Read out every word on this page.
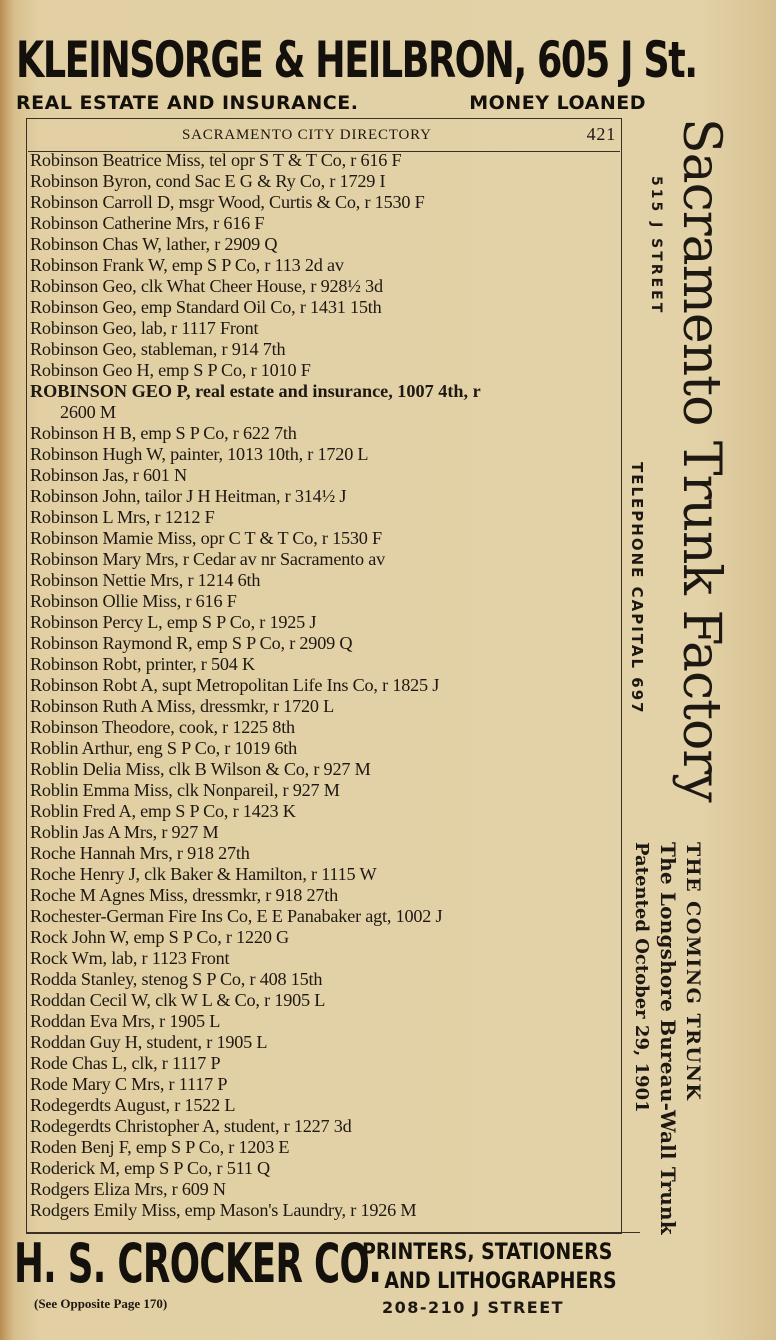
KLEINSORGE & HEILBRON, 605 J St.
REAL ESTATE AND INSURANCE.	MONEY LOANED
SACRAMENTO CITY DIRECTORY	421
Robinson Beatrice Miss, tel opr S T & T Co, r 616 F
Robinson Byron, cond Sac E G & Ry Co, r 1729 I
Robinson Carroll D, msgr Wood, Curtis & Co, r 1530 F
Robinson Catherine Mrs, r 616 F
Robinson Chas W, lather, r 2909 Q
Robinson Frank W, emp S P Co, r 113 2d av
Robinson Geo, clk What Cheer House, r 928½ 3d
Robinson Geo, emp Standard Oil Co, r 1431 15th
Robinson Geo, lab, r 1117 Front
Robinson Geo, stableman, r 914 7th
Robinson Geo H, emp S P Co, r 1010 F
ROBINSON GEO P, real estate and insurance, 1007 4th, r
2600 M
Robinson H B, emp S P Co, r 622 7th
Robinson Hugh W, painter, 1013 10th, r 1720 L
Robinson Jas, r 601 N
Robinson John, tailor J H Heitman, r 314½ J
Robinson L Mrs, r 1212 F
Robinson Mamie Miss, opr C T & T Co, r 1530 F
Robinson Mary Mrs, r Cedar av nr Sacramento av
Robinson Nettie Mrs, r 1214 6th
Robinson Ollie Miss, r 616 F
Robinson Percy L, emp S P Co, r 1925 J
Robinson Raymond R, emp S P Co, r 2909 Q
Robinson Robt, printer, r 504 K
Robinson Robt A, supt Metropolitan Life Ins Co, r 1825 J
Robinson Ruth A Miss, dressmkr, r 1720 L
Robinson Theodore, cook, r 1225 8th
Roblin Arthur, eng S P Co, r 1019 6th
Roblin Delia Miss, clk B Wilson & Co, r 927 M
Roblin Emma Miss, clk Nonpareil, r 927 M
Roblin Fred A, emp S P Co, r 1423 K
Roblin Jas A Mrs, r 927 M
Roche Hannah Mrs, r 918 27th
Roche Henry J, clk Baker & Hamilton, r 1115 W
Roche M Agnes Miss, dressmkr, r 918 27th
Rochester-German Fire Ins Co, E E Panabaker agt, 1002 J
Rock John W, emp S P Co, r 1220 G
Rock Wm, lab, r 1123 Front
Rodda Stanley, stenog S P Co, r 408 15th
Roddan Cecil W, clk W L & Co, r 1905 L
Roddan Eva Mrs, r 1905 L
Roddan Guy H, student, r 1905 L
Rode Chas L, clk, r 1117 P
Rode Mary C Mrs, r 1117 P
Rodegerdts August, r 1522 L
Rodegerdts Christopher A, student, r 1227 3d
Roden Benj F, emp S P Co, r 1203 E
Roderick M, emp S P Co, r 511 Q
Rodgers Eliza Mrs, r 609 N
Rodgers Emily Miss, emp Mason's Laundry, r 1926 M
Sacramento Trunk Factory
515 J STREET
TELEPHONE CAPITAL 697
THE COMING TRUNK
The Longshore Bureau-Wall Trunk
Patented October 29, 1901
H. S. CROCKER CO.
PRINTERS, STATIONERS
AND LITHOGRAPHERS
(See Opposite Page 170)	208-210 J STREET
